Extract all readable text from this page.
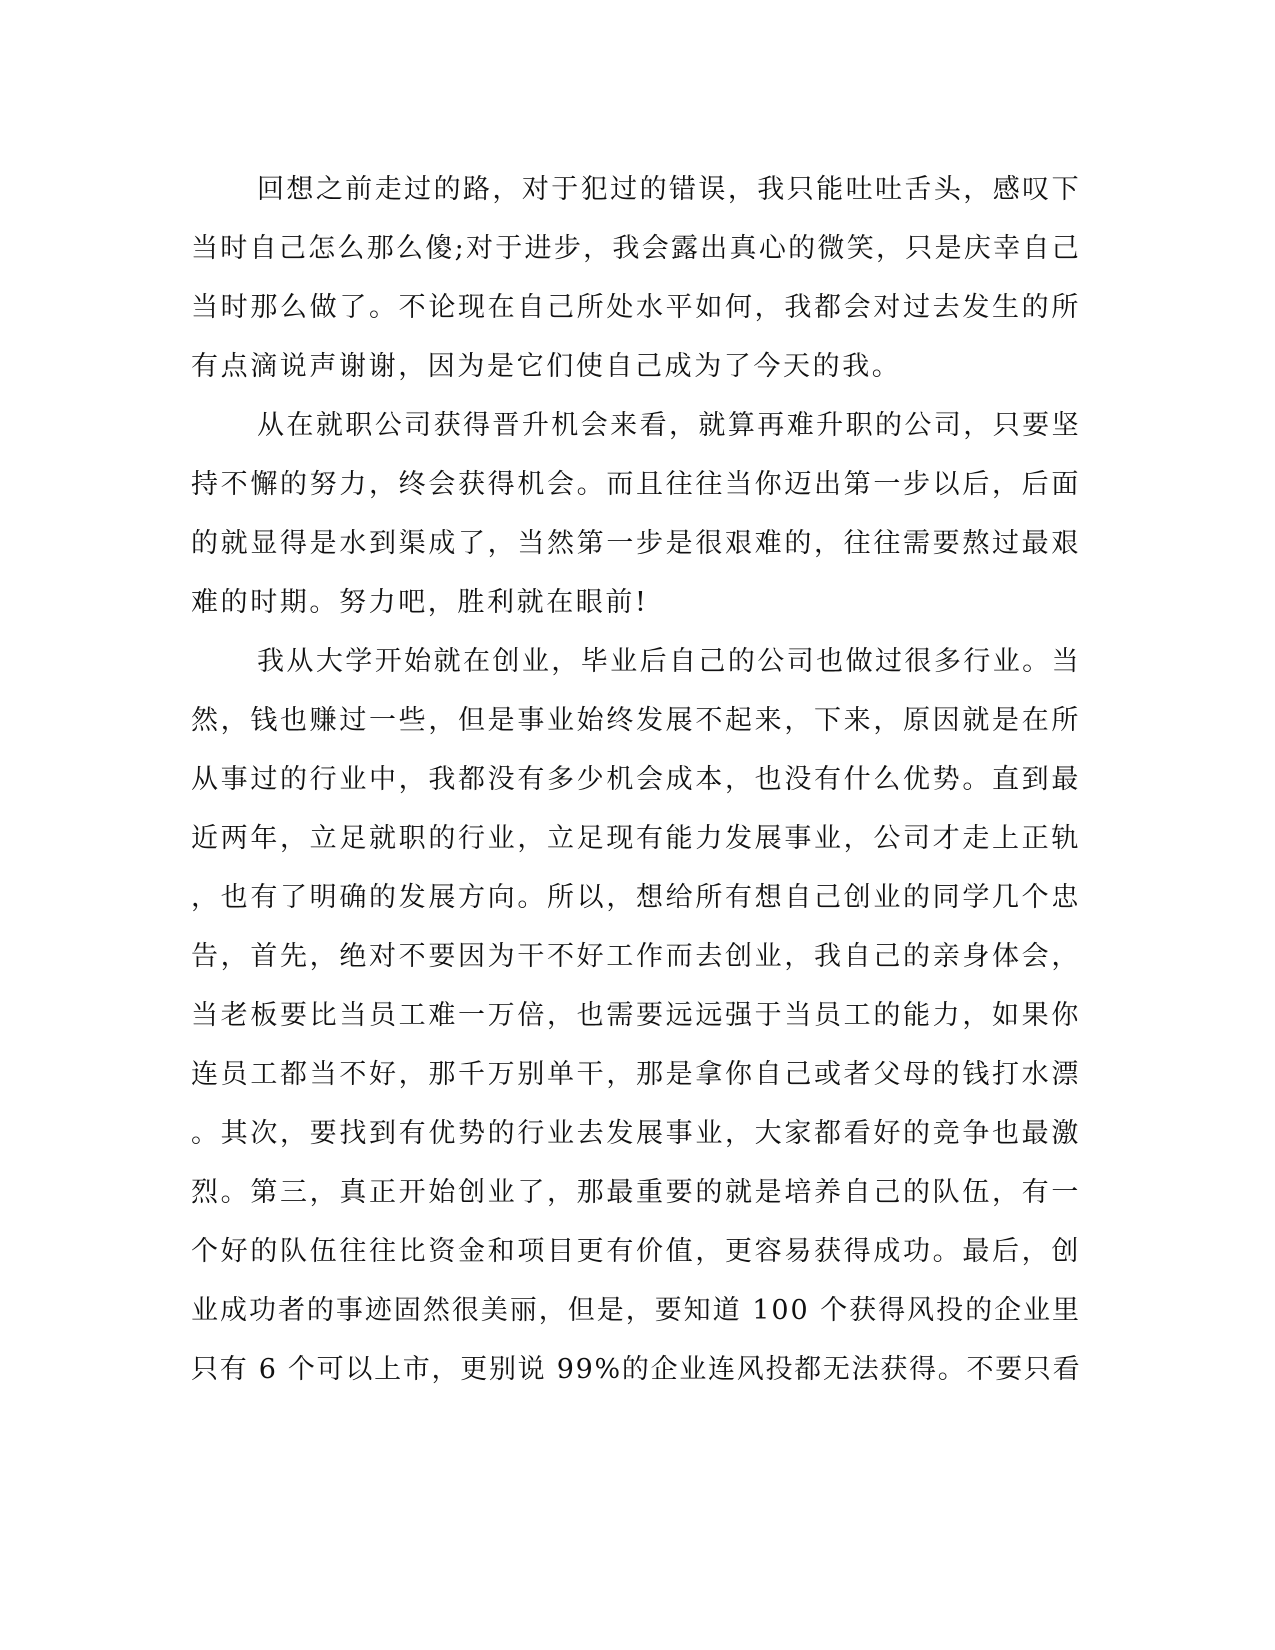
回想之前走过的路，对于犯过的错误，我只能吐吐舌头，感叹下
当时自己怎么那么傻;对于进步，我会露出真心的微笑，只是庆幸自己
当时那么做了。不论现在自己所处水平如何，我都会对过去发生的所
有点滴说声谢谢，因为是它们使自己成为了今天的我。
从在就职公司获得晋升机会来看，就算再难升职的公司，只要坚
持不懈的努力，终会获得机会。而且往往当你迈出第一步以后，后面
的就显得是水到渠成了，当然第一步是很艰难的，往往需要熬过最艰
难的时期。努力吧，胜利就在眼前!
我从大学开始就在创业，毕业后自己的公司也做过很多行业。当
然，钱也赚过一些，但是事业始终发展不起来，下来，原因就是在所
从事过的行业中，我都没有多少机会成本，也没有什么优势。直到最
近两年，立足就职的行业，立足现有能力发展事业，公司才走上正轨
，也有了明确的发展方向。所以，想给所有想自己创业的同学几个忠
告，首先，绝对不要因为干不好工作而去创业，我自己的亲身体会，
当老板要比当员工难一万倍，也需要远远强于当员工的能力，如果你
连员工都当不好，那千万别单干，那是拿你自己或者父母的钱打水漂
。其次，要找到有优势的行业去发展事业，大家都看好的竞争也最激
烈。第三，真正开始创业了，那最重要的就是培养自己的队伍，有一
个好的队伍往往比资金和项目更有价值，更容易获得成功。最后，创
业成功者的事迹固然很美丽，但是，要知道 100 个获得风投的企业里
只有 6 个可以上市，更别说 99%的企业连风投都无法获得。不要只看
